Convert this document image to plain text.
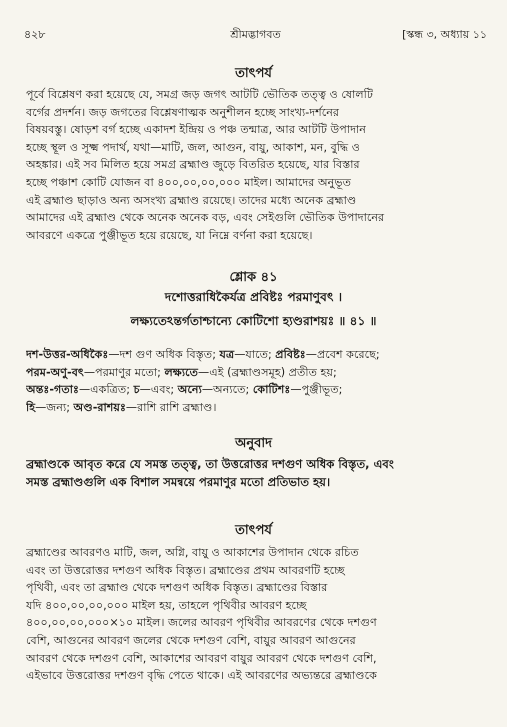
৪২৮	শ্রীমদ্ভাগবত	[স্কন্ধ ৩, অধ্যায় ১১
তাৎপর্য
পূর্বে বিশ্লেষণ করা হয়েছে যে, সমগ্র জড় জগৎ আটটি ভৌতিক তত্ত্ব ও ষোলটি
বর্গের প্রদর্শন। জড় জগতের বিশ্লেষণাত্মক অনুশীলন হচ্ছে সাংখ্য-দর্শনের
বিষয়বস্তু। ষোড়শ বর্গ হচ্ছে একাদশ ইন্দ্রিয় ও পঞ্চ তন্মাত্র, আর আটটি উপাদান
হচ্ছে স্থূল ও সূক্ষ্ম পদার্থ, যথা—মাটি, জল, আগুন, বায়ু, আকাশ, মন, বুদ্ধি ও
অহঙ্কার। এই সব মিলিত হয়ে সমগ্র ব্রহ্মাণ্ড জুড়ে বিতরিত হয়েছে, যার বিস্তার
হচ্ছে পঞ্চাশ কোটি যোজন বা ৪০০,০০,০০,০০০ মাইল। আমাদের অনুভূত
এই ব্রহ্মাণ্ড ছাড়াও অন্য অসংখ্য ব্রহ্মাণ্ড রয়েছে। তাদের মধ্যে অনেক ব্রহ্মাণ্ড
আমাদের এই ব্রহ্মাণ্ড থেকে অনেক অনেক বড়, এবং সেইগুলি ভৌতিক উপাদানের
আবরণে একত্রে পুঞ্জীভূত হয়ে রয়েছে, যা নিম্নে বর্ণনা করা হয়েছে।
শ্লোক ৪১
দশোত্তরাধিকৈর্যত্র প্রবিষ্টঃ পরমাণুবৎ ।
লক্ষ্যতেঽন্তর্গতাশ্চান্যে কোটিশো হ্যণ্ডরাশয়ঃ ॥ ৪১ ॥
দশ-উত্তর-অধিকৈঃ—দশ গুণ অধিক বিস্তৃত; যত্র—যাতে; প্রবিষ্টঃ—প্রবেশ করেছে;
পরম-অণু-বৎ—পরমাণুর মতো; লক্ষ্যতে—এই (ব্রহ্মাণ্ডসমূহ) প্রতীত হয়;
অন্তঃ-গতাঃ—একত্রিত; চ—এবং; অন্যে—অন্যতে; কোটিশঃ—পুঞ্জীভূত;
হি—জন্য; অণ্ড-রাশয়ঃ—রাশি রাশি ব্রহ্মাণ্ড।
অনুবাদ
ব্রহ্মাণ্ডকে আবৃত করে যে সমস্ত তত্ত্ব, তা উত্তরোত্তর দশগুণ অধিক বিস্তৃত, এবং
সমস্ত ব্রহ্মাণ্ডগুলি এক বিশাল সমন্বয়ে পরমাণুর মতো প্রতিভাত হয়।
তাৎপর্য
ব্রহ্মাণ্ডের আবরণও মাটি, জল, অগ্নি, বায়ু ও আকাশের উপাদান থেকে রচিত
এবং তা উত্তরোত্তর দশগুণ অধিক বিস্তৃত। ব্রহ্মাণ্ডের প্রথম আবরণটি হচ্ছে
পৃথিবী, এবং তা ব্রহ্মাণ্ড থেকে দশগুণ অধিক বিস্তৃত। ব্রহ্মাণ্ডের বিস্তার
যদি ৪০০,০০,০০,০০০ মাইল হয়, তাহলে পৃথিবীর আবরণ হচ্ছে
৪০০,০০,০০,০০০×১০ মাইল। জলের আবরণ পৃথিবীর আবরণের থেকে দশগুণ
বেশি, আগুনের আবরণ জলের থেকে দশগুণ বেশি, বায়ুর আবরণ আগুনের
আবরণ থেকে দশগুণ বেশি, আকাশের আবরণ বায়ুর আবরণ থেকে দশগুণ বেশি,
এইভাবে উত্তরোত্তর দশগুণ বৃদ্ধি পেতে থাকে। এই আবরণের অভ্যন্তরে ব্রহ্মাণ্ডকে
